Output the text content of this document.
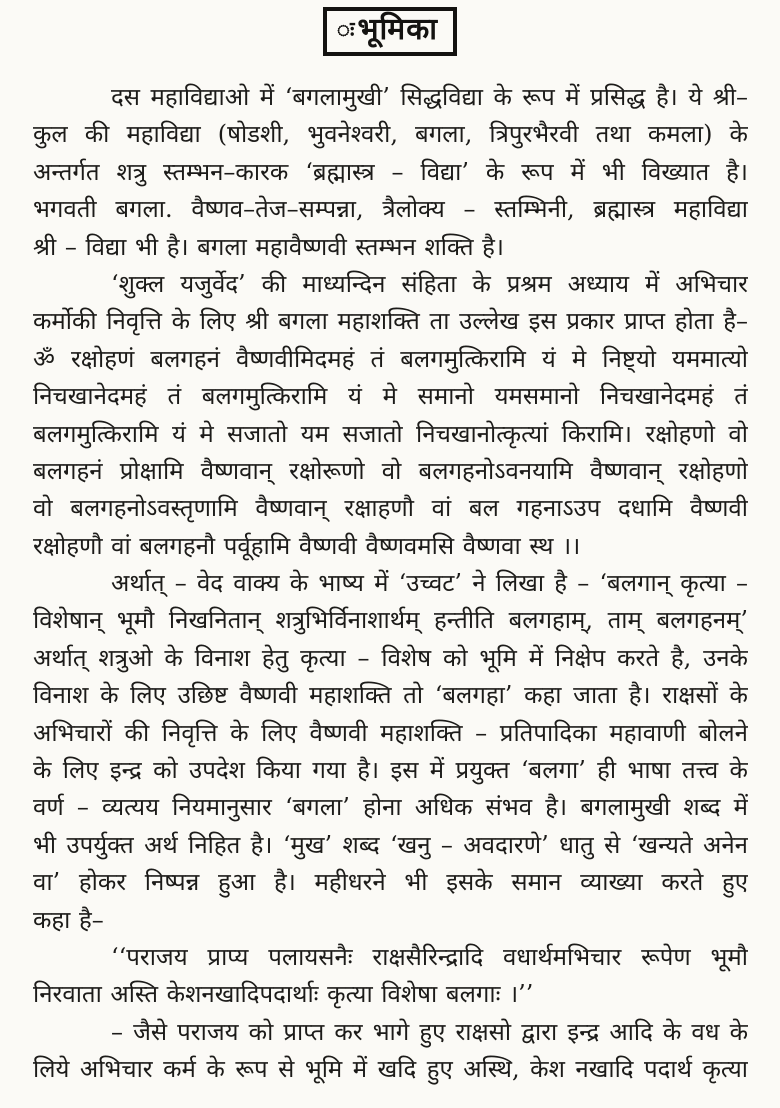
ःभूमिका
दस महाविद्याओ में ‘बगलामुखी’ सिद्धविद्या के रूप में प्रसिद्ध है। ये श्री–
कुल की महाविद्या (षोडशी, भुवनेश्वरी, बगला, त्रिपुरभैरवी तथा कमला) के
अन्तर्गत शत्रु स्तम्भन–कारक ‘ब्रह्मास्त्र – विद्या’ के रूप में भी विख्यात है।
भगवती बगला. वैष्णव–तेज–सम्पन्ना, त्रैलोक्य – स्तम्भिनी, ब्रह्मास्त्र महाविद्या
श्री – विद्या भी है। बगला महावैष्णवी स्तम्भन शक्ति है।
‘शुक्ल यजुर्वेद’ की माध्यन्दिन संहिता के प्रश्रम अध्याय में अभिचार
कर्मोकी निवृत्ति के लिए श्री बगला महाशक्ति ता उल्लेख इस प्रकार प्राप्त होता है–
ॐ रक्षोहणं बलगहनं वैष्णवीमिदमहं तं बलगमुत्किरामि यं मे निष्ट्यो यममात्यो
निचखानेदमहं तं बलगमुत्किरामि यं मे समानो यमसमानो निचखानेदमहं तं
बलगमुत्किरामि यं मे सजातो यम सजातो निचखानोत्कृत्यां किरामि। रक्षोहणो वो
बलगहनं प्रोक्षामि वैष्णवान् रक्षोरूणो वो बलगहनोऽवनयामि वैष्णवान् रक्षोहणो
वो बलगहनोऽवस्तृणामि वैष्णवान् रक्षाहणौ वां बल गहनाऽउप दधामि वैष्णवी
रक्षोहणौ वां बलगहनौ पर्वूहामि वैष्णवी वैष्णवमसि वैष्णवा स्थ ।।
अर्थात् – वेद वाक्य के भाष्य में ‘उच्वट’ ने लिखा है – ‘बलगान् कृत्या –
विशेषान् भूमौ निखनितान् शत्रुभिर्विनाशार्थम् हन्तीति बलगहाम्, ताम् बलगहनम्’
अर्थात् शत्रुओ के विनाश हेतु कृत्या – विशेष को भूमि में निक्षेप करते है, उनके
विनाश के लिए उछिष्ट वैष्णवी महाशक्ति तो ‘बलगहा’ कहा जाता है। राक्षसों के
अभिचारों की निवृत्ति के लिए वैष्णवी महाशक्ति – प्रतिपादिका महावाणी बोलने
के लिए इन्द्र को उपदेश किया गया है। इस में प्रयुक्त ‘बलगा’ ही भाषा तत्त्व के
वर्ण – व्यत्यय नियमानुसार ‘बगला’ होना अधिक संभव है। बगलामुखी शब्द में
भी उपर्युक्त अर्थ निहित है। ‘मुख’ शब्द ‘खनु – अवदारणे’ धातु से ‘खन्यते अनेन
वा’ होकर निष्पन्न हुआ है। महीधरने भी इसके समान व्याख्या करते हुए
कहा है–
‘‘पराजय प्राप्य पलायसनैः राक्षसैरिन्द्रादि वधार्थमभिचार रूपेण भूमौ
निरवाता अस्ति केशनखादिपदार्थाः कृत्या विशेषा बलगाः ।’’
– जैसे पराजय को प्राप्त कर भागे हुए राक्षसो द्वारा इन्द्र आदि के वध के
लिये अभिचार कर्म के रूप से भूमि में खदि हुए अस्थि, केश नखादि पदार्थ कृत्या
